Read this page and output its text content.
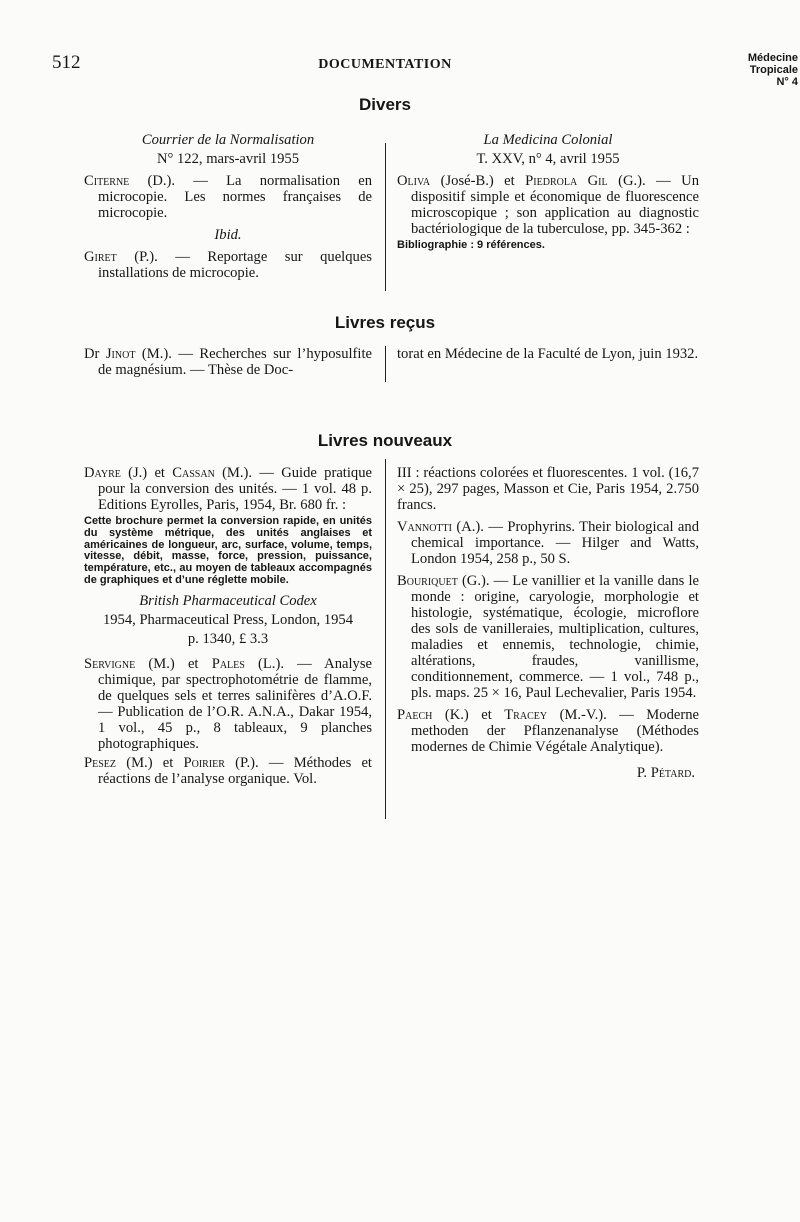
512	DOCUMENTATION	Médecine
Tropicale
N° 4
Divers

Courrier de la Normalisation

N° 122, mars-avril 1955

Citerne (D.). — La normalisation en microcopie. Les normes françaises de microcopie.

Ibid.

Giret (P.). — Reportage sur quelques installations de microcopie.

La Medicina Colonial

T. XXV, n° 4, avril 1955

Oliva (José-B.) et Piedrola Gil (G.). — Un dispositif simple et économique de fluorescence microscopique ; son application au diagnostic bactériologique de la tuberculose, pp. 345-362 :

Bibliographie : 9 références.

Livres reçus

Dr Jinot (M.). — Recherches sur l’hyposulfite de magnésium. — Thèse de Doc-

torat en Médecine de la Faculté de Lyon, juin 1932.

Livres nouveaux

Dayre (J.) et Cassan (M.). — Guide pratique pour la conversion des unités. — 1 vol. 48 p. Editions Eyrolles, Paris, 1954, Br. 680 fr. :

Cette brochure permet la conversion rapide, en unités du système métrique, des unités anglaises et américaines de longueur, arc, surface, volume, temps, vitesse, débit, masse, force, pression, puissance, température, etc., au moyen de tableaux accompagnés de graphiques et d’une réglette mobile.

British Pharmaceutical Codex

1954, Pharmaceutical Press, London, 1954

p. 1340, £ 3.3

Servigne (M.) et Pales (L.). — Analyse chimique, par spectrophotométrie de flamme, de quelques sels et terres salinifères d’A.O.F. — Publication de l’O.R. A.N.A., Dakar 1954, 1 vol., 45 p., 8 tableaux, 9 planches photographiques.

Pesez (M.) et Poirier (P.). — Méthodes et réactions de l’analyse organique. Vol.

III : réactions colorées et fluorescentes. 1 vol. (16,7 × 25), 297 pages, Masson et Cie, Paris 1954, 2.750 francs.

Vannotti (A.). — Prophyrins. Their biological and chemical importance. — Hilger and Watts, London 1954, 258 p., 50 S.

Bouriquet (G.). — Le vanillier et la vanille dans le monde : origine, caryologie, morphologie et histologie, systématique, écologie, microflore des sols de vanilleraies, multiplication, cultures, maladies et ennemis, technologie, chimie, altérations, fraudes, vanillisme, conditionnement, commerce. — 1 vol., 748 p., pls. maps. 25 × 16, Paul Lechevalier, Paris 1954.

Paech (K.) et Tracey (M.-V.). — Moderne methoden der Pflanzenanalyse (Méthodes modernes de Chimie Végétale Analytique).

P. Pétard.
